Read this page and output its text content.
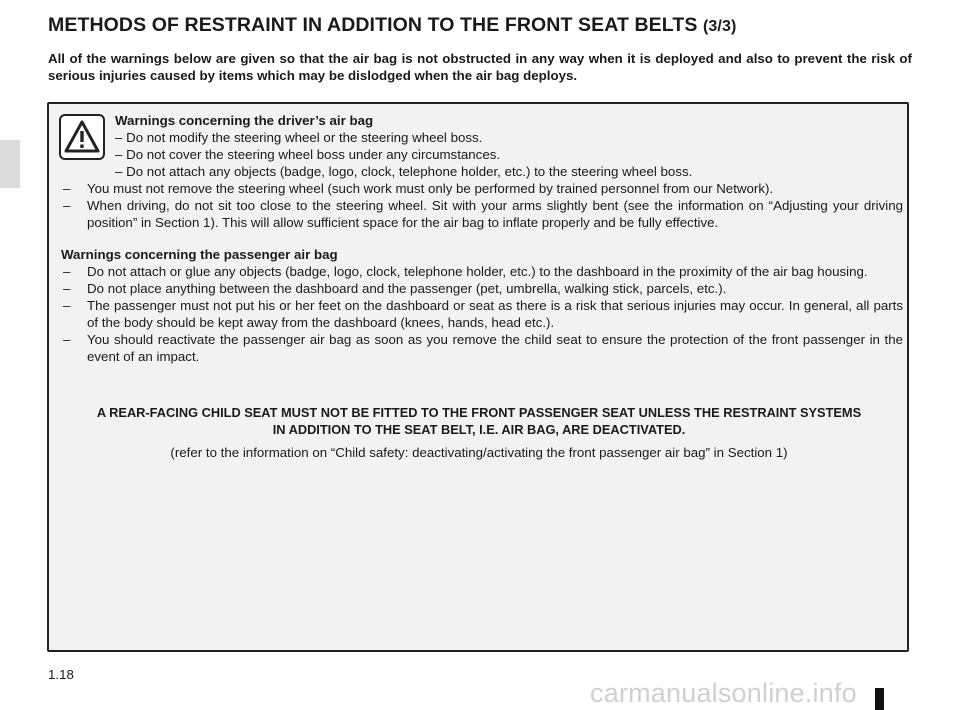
METHODS OF RESTRAINT IN ADDITION TO THE FRONT SEAT BELTS (3/3)

All of the warnings below are given so that the air bag is not obstructed in any way when it is deployed and also to prevent the risk of serious injuries caused by items which may be dislodged when the air bag deploys.

Warnings concerning the driver’s air bag

– Do not modify the steering wheel or the steering wheel boss.

– Do not cover the steering wheel boss under any circumstances.

– Do not attach any objects (badge, logo, clock, telephone holder, etc.) to the steering wheel boss.

– You must not remove the steering wheel (such work must only be performed by trained personnel from our Network).
– When driving, do not sit too close to the steering wheel. Sit with your arms slightly bent (see the information on “Adjusting your driving position” in Section 1). This will allow sufficient space for the air bag to inflate properly and be fully effective.

Warnings concerning the passenger air bag

– Do not attach or glue any objects (badge, logo, clock, telephone holder, etc.) to the dashboard in the proximity of the air bag housing.
– Do not place anything between the dashboard and the passenger (pet, umbrella, walking stick, parcels, etc.).
– The passenger must not put his or her feet on the dashboard or seat as there is a risk that serious injuries may occur. In general, all parts of the body should be kept away from the dashboard (knees, hands, head etc.).
– You should reactivate the passenger air bag as soon as you remove the child seat to ensure the protection of the front passenger in the event of an impact.

A REAR-FACING CHILD SEAT MUST NOT BE FITTED TO THE FRONT PASSENGER SEAT UNLESS THE RESTRAINT SYSTEMS IN ADDITION TO THE SEAT BELT, I.E. AIR BAG, ARE DEACTIVATED.

(refer to the information on “Child safety: deactivating/activating the front passenger air bag” in Section 1)

1.18

carmanualsonline.info
